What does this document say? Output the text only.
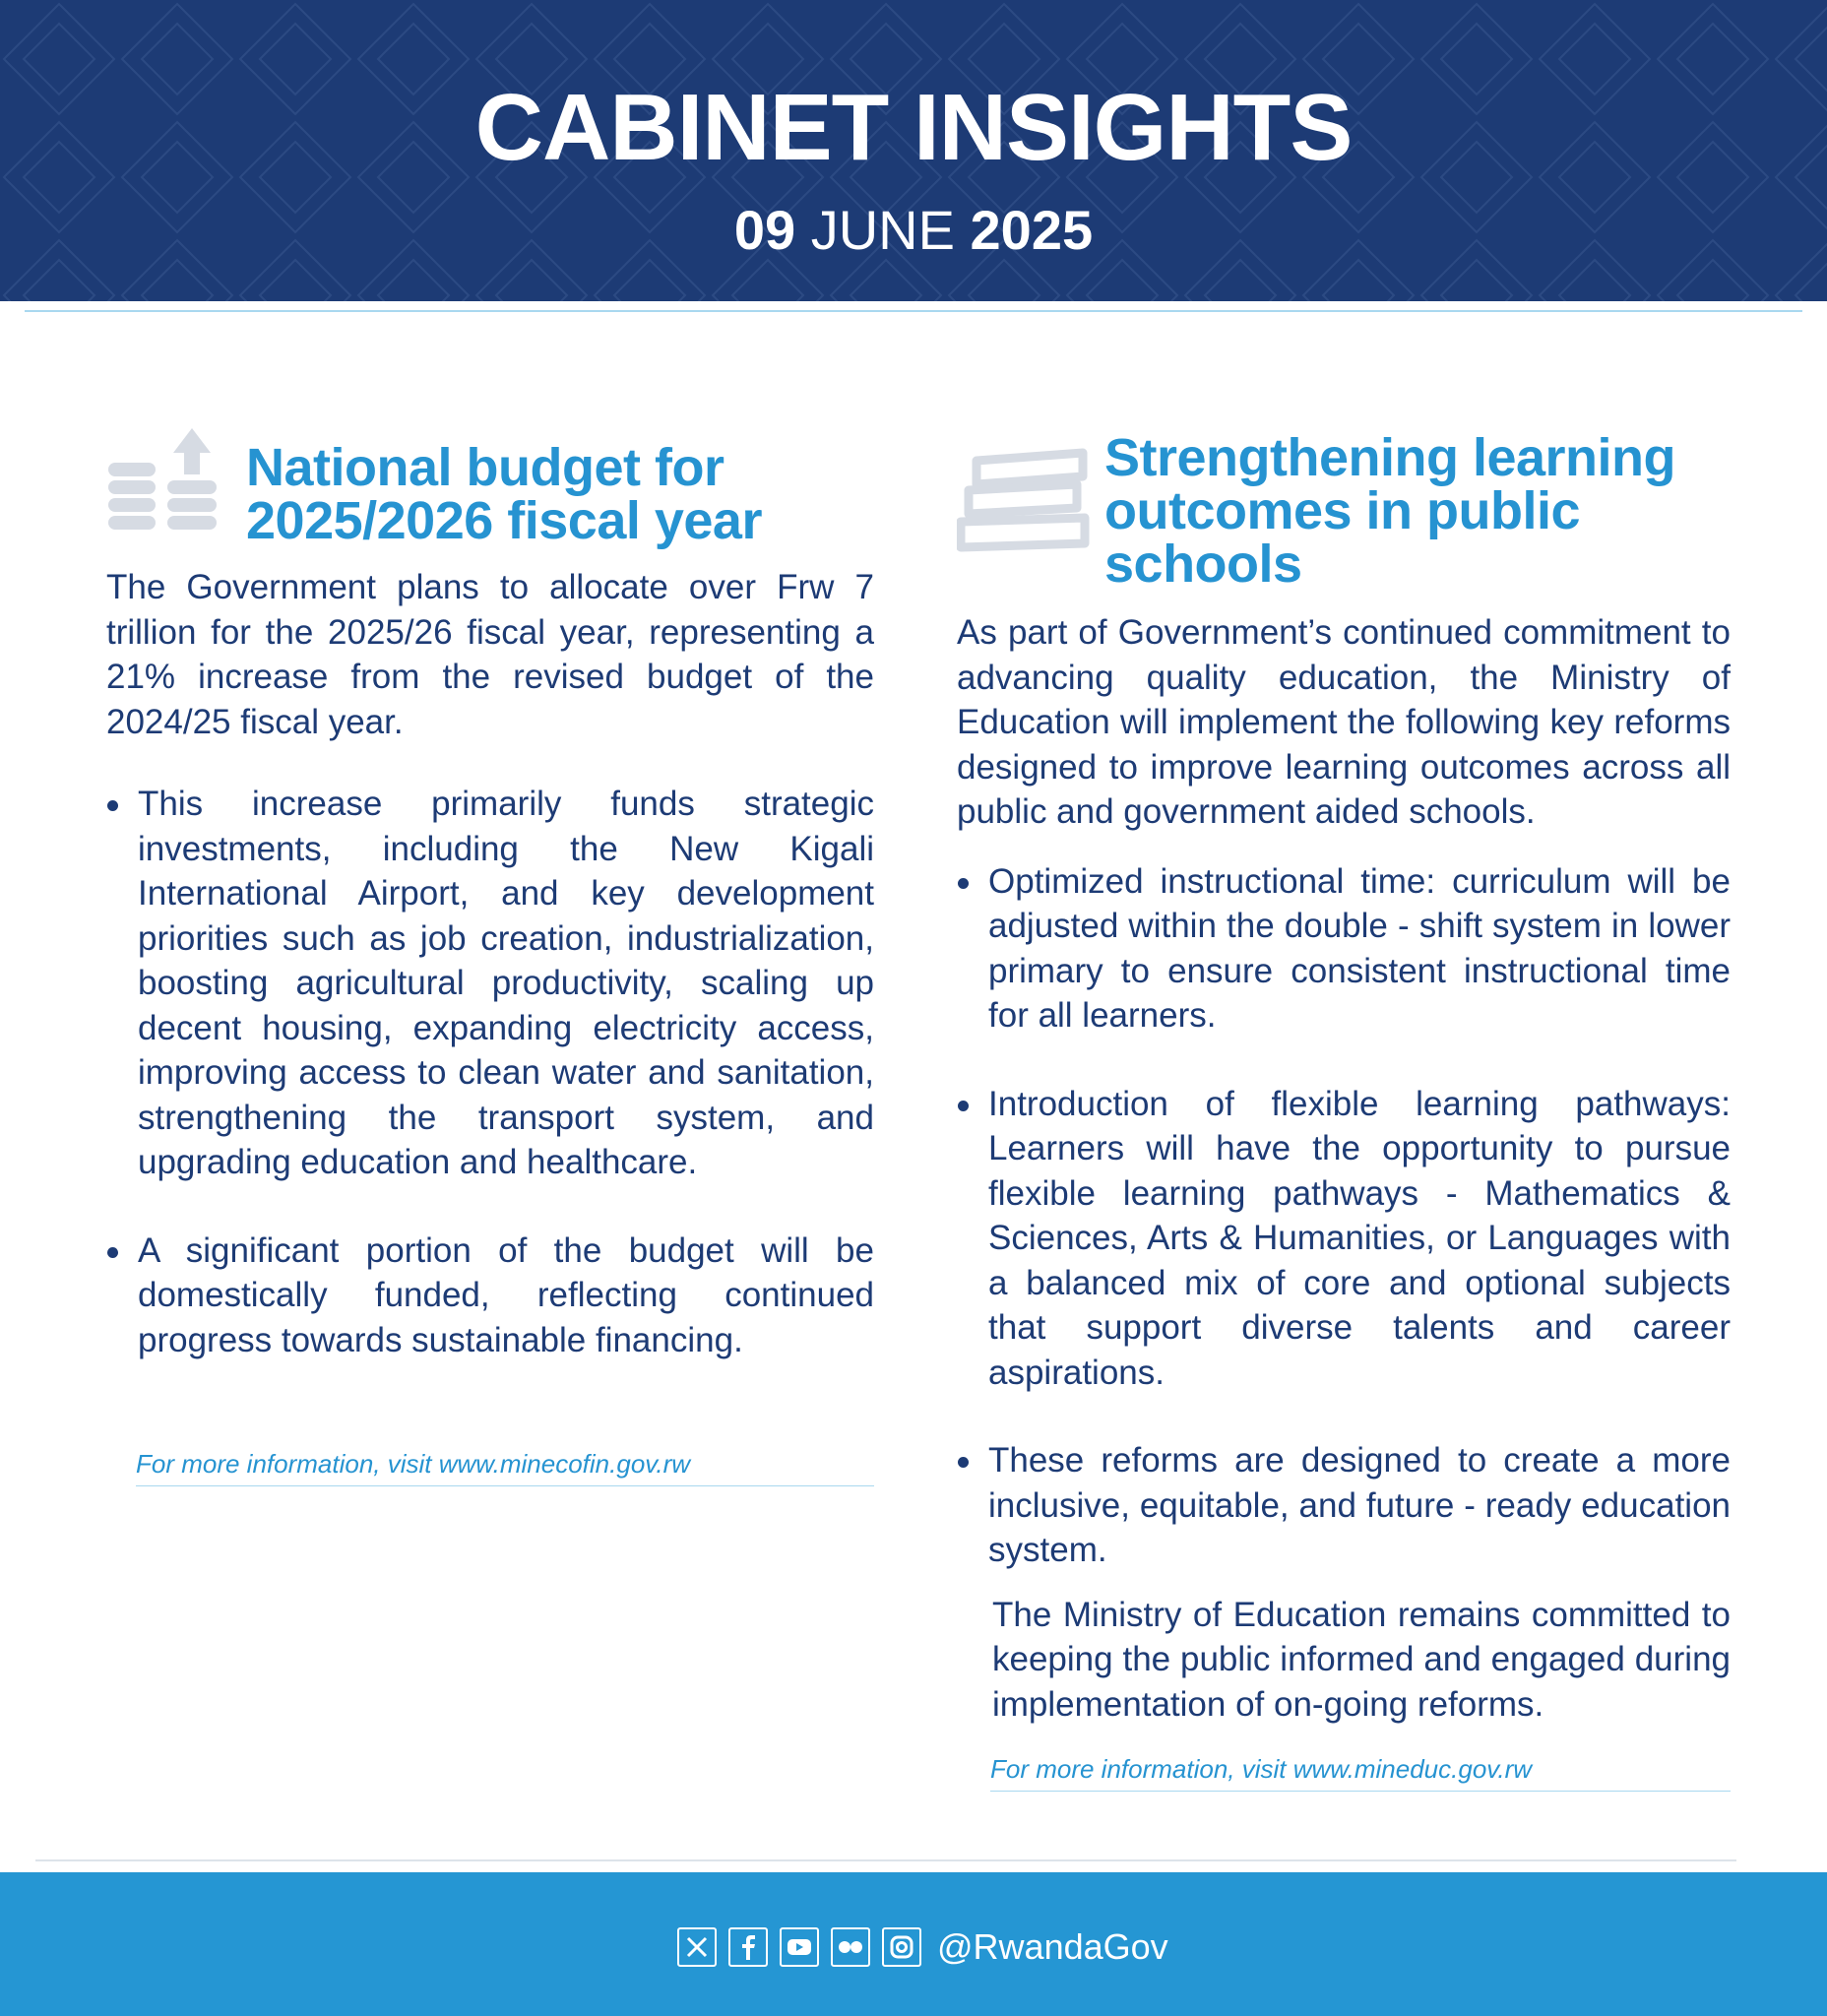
CABINET INSIGHTS
09 JUNE 2025
National budget for
2025/2026 fiscal year

The Government plans to allocate over Frw 7 trillion for the 2025/26 fiscal year, representing a 21% increase from the revised budget of the 2024/25 fiscal year.

This increase primarily funds strategic investments, including the New Kigali International Airport, and key development priorities such as job creation, industrialization, boosting agricultural productivity, scaling up decent housing, expanding electricity access, improving access to clean water and sanitation, strengthening the transport system, and upgrading education and healthcare.
A significant portion of the budget will be domestically funded, reflecting continued progress towards sustainable financing.
For more information, visit www.minecofin.gov.rw
Strengthening learning
outcomes in public
schools

As part of Government’s continued commitment to advancing quality education, the Ministry of Education will implement the following key reforms designed to improve learning outcomes across all public and government aided schools.

Optimized instructional time: curriculum will be adjusted within the double - shift system in lower primary to ensure consistent instructional time for all learners.
Introduction of flexible learning pathways: Learners will have the opportunity to pursue flexible learning pathways - Mathematics & Sciences, Arts & Humanities, or Languages with a balanced mix of core and optional subjects that support diverse talents and career aspirations.
These reforms are designed to create a more inclusive, equitable, and future - ready education system.

The Ministry of Education remains committed to keeping the public informed and engaged during implementation of on-going reforms.

For more information, visit www.mineduc.gov.rw
@RwandaGov
